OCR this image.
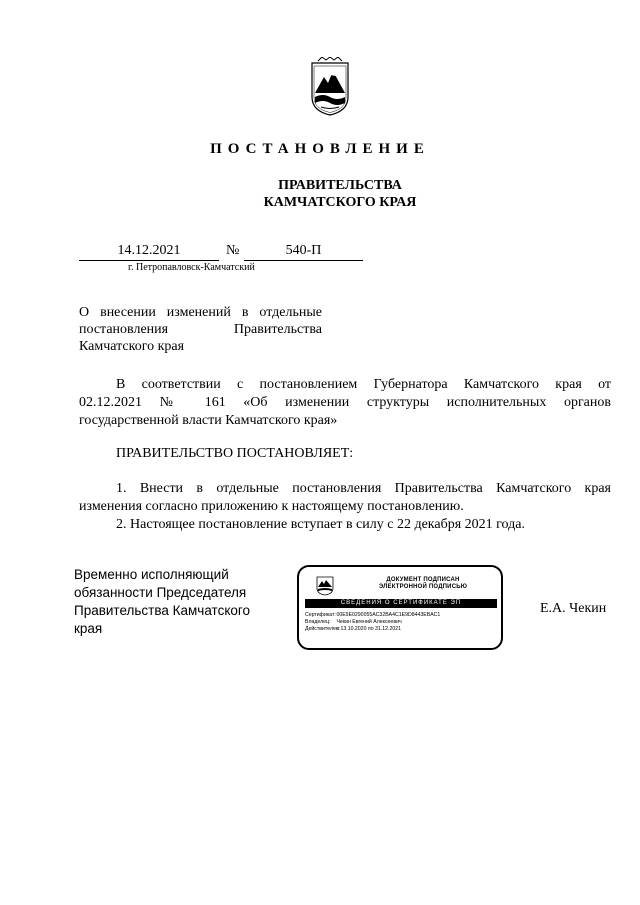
ПОСТАНОВЛЕНИЕ
ПРАВИТЕЛЬСТВА
КАМЧАТСКОГО КРАЯ
14.12.2021	№	540-П
г. Петропавловск-Камчатский
О внесении изменений в отдельные
постановления	Правительства
Камчатского края
В соответствии с постановлением Губернатора Камчатского края от
02.12.2021 № 161 «Об изменении структуры исполнительных органов
государственной власти Камчатского края»
ПРАВИТЕЛЬСТВО ПОСТАНОВЛЯЕТ:
1. Внести в отдельные постановления Правительства Камчатского края
изменения согласно приложению к настоящему постановлению.
2. Настоящее постановление вступает в силу с 22 декабря 2021 года.
Временно исполняющий
обязанности Председателя
Правительства Камчатского
края
ДОКУМЕНТ ПОДПИСАН
ЭЛЕКТРОННОЙ ПОДПИСЬЮ
СВЕДЕНИЯ О СЕРТИФИКАТЕ ЭП
Сертификат: 00E9E0290055AC32BA4C1E9D8443EBAC1
Владелец: Чекин Евгений Алексеевич
Действителен: с 13.10.2020 по 31.12.2021
Е.А. Чекин
